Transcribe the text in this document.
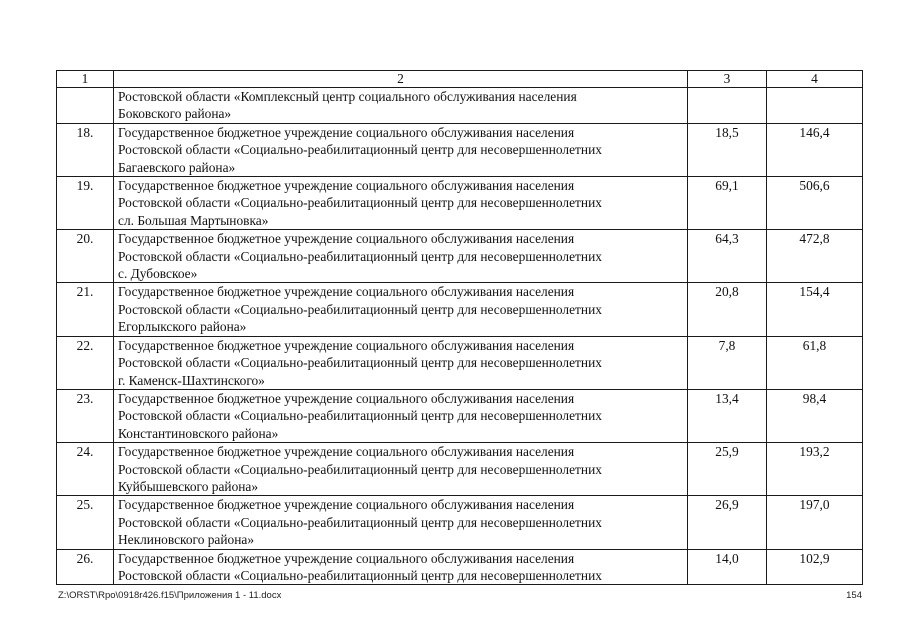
1	2	3	4

	Ростовской области «Комплексный центр социального обслуживания населения
Боковского района»		

18.	Государственное бюджетное учреждение социального обслуживания населения
Ростовской области «Социально-реабилитационный центр для несовершеннолетних
Багаевского района»	18,5	146,4
19.	Государственное бюджетное учреждение социального обслуживания населения
Ростовской области «Социально-реабилитационный центр для несовершеннолетних
сл. Большая Мартыновка»	69,1	506,6
20.	Государственное бюджетное учреждение социального обслуживания населения
Ростовской области «Социально-реабилитационный центр для несовершеннолетних
с. Дубовское»	64,3	472,8
21.	Государственное бюджетное учреждение социального обслуживания населения
Ростовской области «Социально-реабилитационный центр для несовершеннолетних
Егорлыкского района»	20,8	154,4
22.	Государственное бюджетное учреждение социального обслуживания населения
Ростовской области «Социально-реабилитационный центр для несовершеннолетних
г. Каменск-Шахтинского»	7,8	61,8
23.	Государственное бюджетное учреждение социального обслуживания населения
Ростовской области «Социально-реабилитационный центр для несовершеннолетних
Константиновского района»	13,4	98,4
24.	Государственное бюджетное учреждение социального обслуживания населения
Ростовской области «Социально-реабилитационный центр для несовершеннолетних
Куйбышевского района»	25,9	193,2
25.	Государственное бюджетное учреждение социального обслуживания населения
Ростовской области «Социально-реабилитационный центр для несовершеннолетних
Неклиновского района»	26,9	197,0
26.	Государственное бюджетное учреждение социального обслуживания населения
Ростовской области «Социально-реабилитационный центр для несовершеннолетних	14,0	102,9
Z:\ORST\Rpo\0918r426.f15\Приложения 1 - 11.docx	154
